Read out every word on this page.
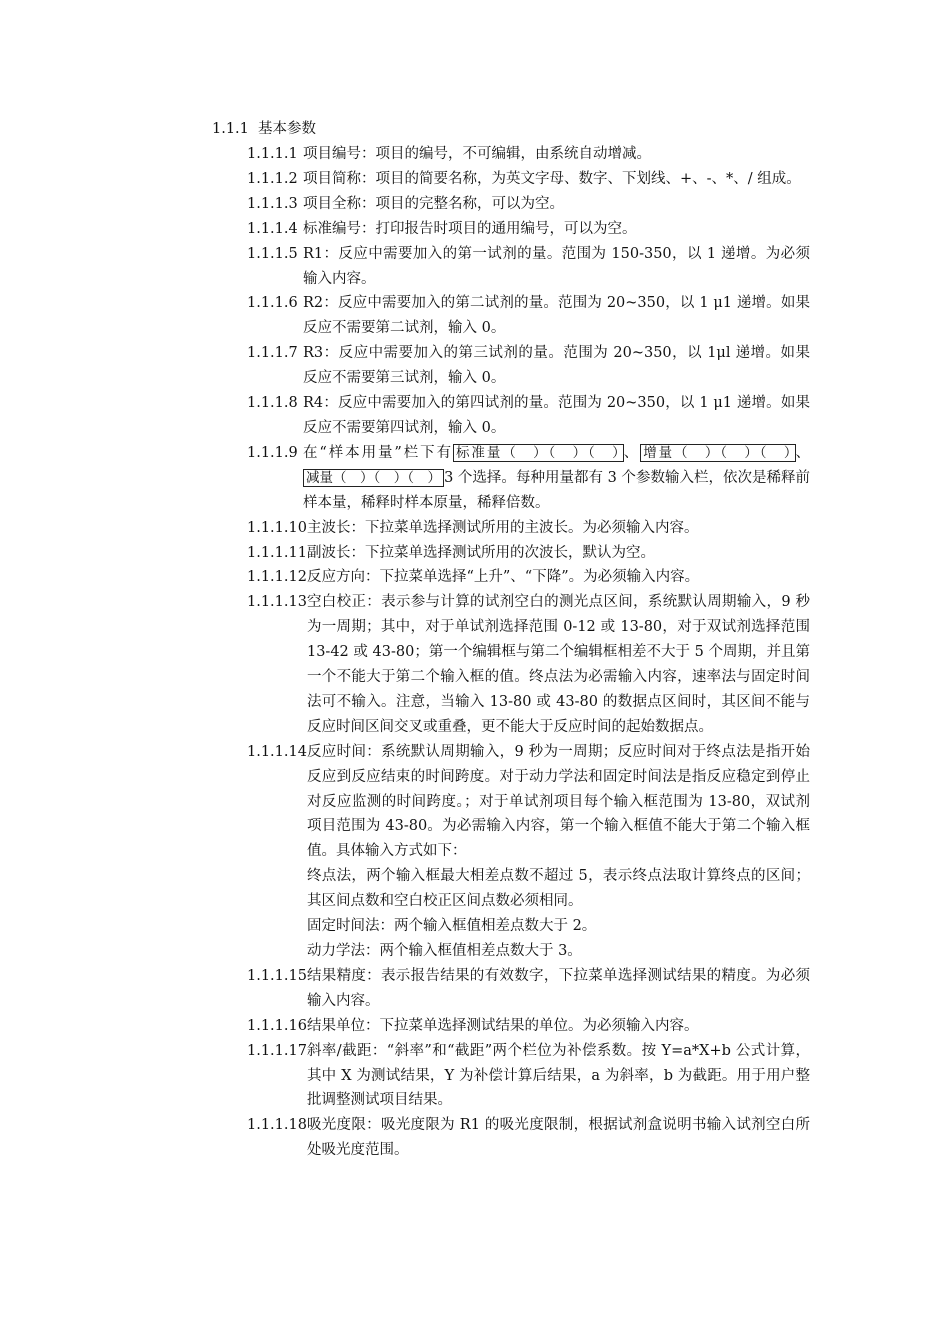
1.1.1 基本参数
1.1.1.1 项目编号：项目的编号，不可编辑，由系统自动增减。
1.1.1.2 项目简称：项目的简要名称，为英文字母、数字、下划线、+、-、*、/ 组成。
1.1.1.3 项目全称：项目的完整名称，可以为空。
1.1.1.4 标准编号：打印报告时项目的通用编号，可以为空。
1.1.1.5 R1：反应中需要加入的第一试剂的量。范围为 150-350，以 1 递增。为必须输入内容。
1.1.1.6 R2：反应中需要加入的第二试剂的量。范围为 20~350，以 1 μ1 递增。如果反应不需要第二试剂，输入 0。
1.1.1.7 R3：反应中需要加入的第三试剂的量。范围为 20~350，以 1μl 递增。如果反应不需要第三试剂，输入 0。
1.1.1.8 R4：反应中需要加入的第四试剂的量。范围为 20~350，以 1 μ1 递增。如果反应不需要第四试剂，输入 0。
1.1.1.9 在“样本用量”栏下有 标准量（　）（　）（　） 、 增量（　）（　）（　） 、减量（　）（　）（　） 3 个选择。每种用量都有 3 个参数输入栏，依次是稀释前样本量，稀释时样本原量，稀释倍数。
1.1.1.10 主波长：下拉菜单选择测试所用的主波长。为必须输入内容。
1.1.1.11 副波长：下拉菜单选择测试所用的次波长，默认为空。
1.1.1.12 反应方向：下拉菜单选择“上升”、“下降”。为必须输入内容。
1.1.1.13 空白校正：表示参与计算的试剂空白的测光点区间，系统默认周期输入，9 秒为一周期；其中，对于单试剂选择范围 0-12 或 13-80，对于双试剂选择范围 13-42 或 43-80；第一个编辑框与第二个编辑框相差不大于 5 个周期，并且第一个不能大于第二个输入框的值。终点法为必需输入内容，速率法与固定时间法可不输入。注意，当输入 13-80 或 43-80 的数据点区间时，其区间不能与反应时间区间交叉或重叠，更不能大于反应时间的起始数据点。
1.1.1.14 反应时间：系统默认周期输入，9 秒为一周期；反应时间对于终点法是指开始反应到反应结束的时间跨度。对于动力学法和固定时间法是指反应稳定到停止对反应监测的时间跨度。；对于单试剂项目每个输入框范围为 13-80，双试剂项目范围为 43-80。为必需输入内容，第一个输入框值不能大于第二个输入框值。具体输入方式如下：
终点法，两个输入框最大相差点数不超过 5，表示终点法取计算终点的区间；其区间点数和空白校正区间点数必须相同。
固定时间法：两个输入框值相差点数大于 2。
动力学法：两个输入框值相差点数大于 3。
1.1.1.15 结果精度：表示报告结果的有效数字，下拉菜单选择测试结果的精度。为必须输入内容。
1.1.1.16 结果单位：下拉菜单选择测试结果的单位。为必须输入内容。
1.1.1.17 斜率/截距：“斜率”和“截距”两个栏位为补偿系数。按 Y=a*X+b 公式计算，其中 X 为测试结果，Y 为补偿计算后结果，a 为斜率，b 为截距。用于用户整批调整测试项目结果。
1.1.1.18 吸光度限：吸光度限为 R1 的吸光度限制，根据试剂盒说明书输入试剂空白所处吸光度范围。
